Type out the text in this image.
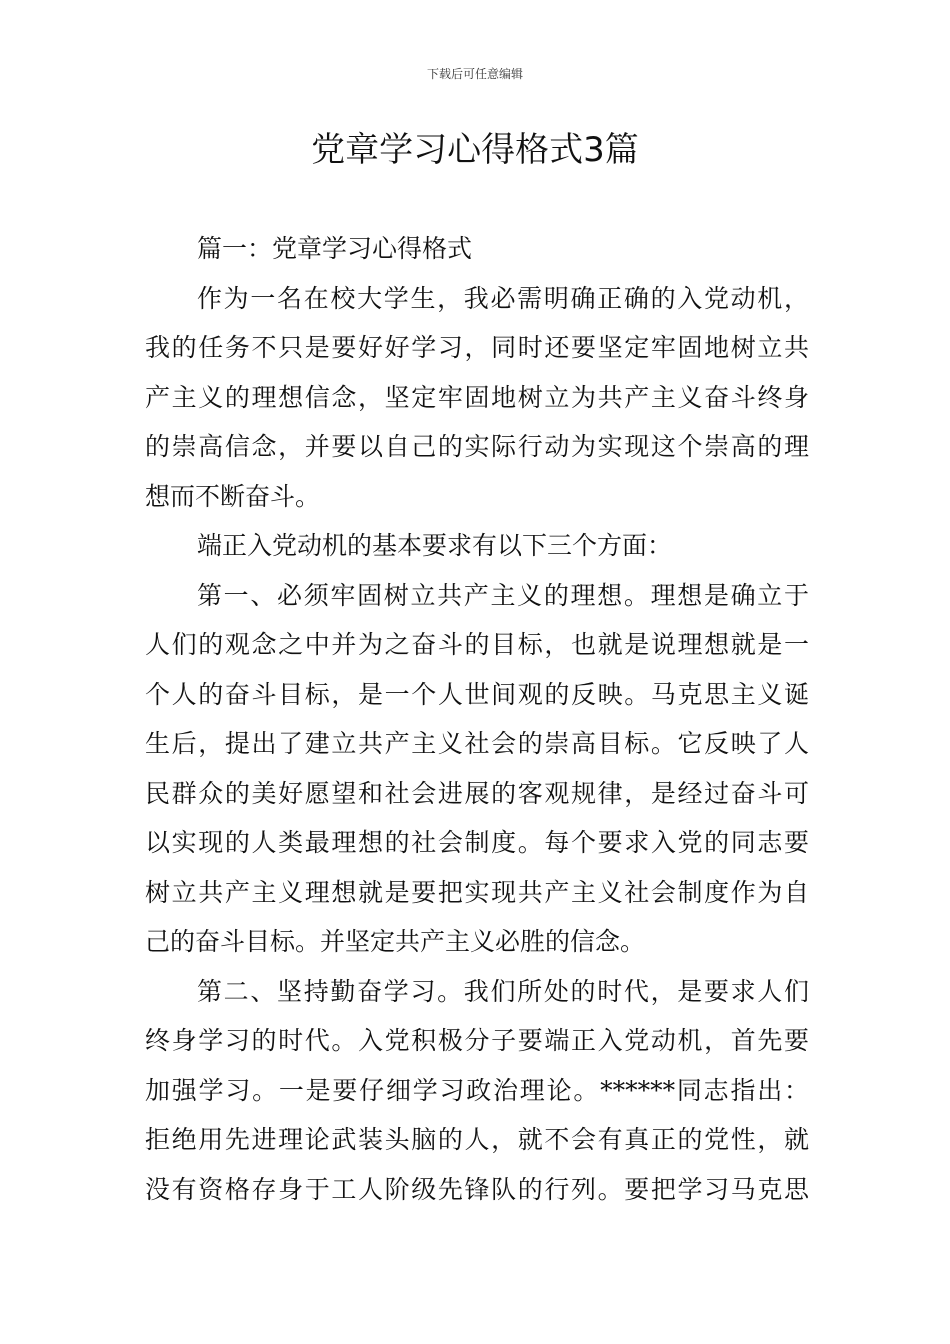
下载后可任意编辑
党章学习心得格式3篇
篇一：党章学习心得格式
作为一名在校大学生，我必需明确正确的入党动机，
我的任务不只是要好好学习，同时还要坚定牢固地树立共
产主义的理想信念，坚定牢固地树立为共产主义奋斗终身
的崇高信念，并要以自己的实际行动为实现这个崇高的理
想而不断奋斗。
端正入党动机的基本要求有以下三个方面：
第一、必须牢固树立共产主义的理想。理想是确立于
人们的观念之中并为之奋斗的目标，也就是说理想就是一
个人的奋斗目标，是一个人世间观的反映。马克思主义诞
生后，提出了建立共产主义社会的崇高目标。它反映了人
民群众的美好愿望和社会进展的客观规律，是经过奋斗可
以实现的人类最理想的社会制度。每个要求入党的同志要
树立共产主义理想就是要把实现共产主义社会制度作为自
己的奋斗目标。并坚定共产主义必胜的信念。
第二、坚持勤奋学习。我们所处的时代，是要求人们
终身学习的时代。入党积极分子要端正入党动机，首先要
加强学习。一是要仔细学习政治理论。******同志指出：
拒绝用先进理论武装头脑的人，就不会有真正的党性，就
没有资格存身于工人阶级先锋队的行列。要把学习马克思
